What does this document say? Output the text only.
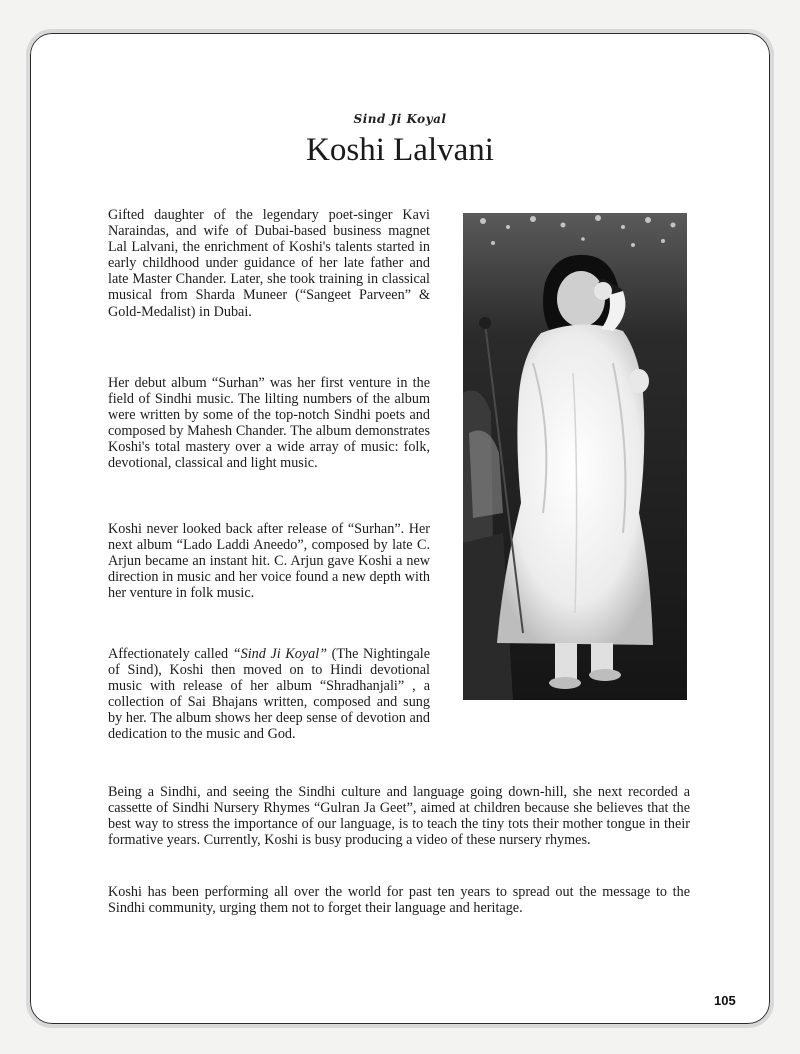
Sind Ji Koyal
Koshi Lalvani

Gifted daughter of the legendary poet-singer Kavi Naraindas, and wife of Dubai-based business magnet Lal Lalvani, the enrichment of Koshi's talents started in early childhood under guidance of her late father and late Master Chander. Later, she took training in classical musical from Sharda Muneer (“Sangeet Parveen” & Gold-Medalist) in Dubai.

Her debut album “Surhan” was her first venture in the field of Sindhi music. The lilting numbers of the album were written by some of the top-notch Sindhi poets and composed by Mahesh Chander. The album demonstrates Koshi's total mastery over a wide array of music: folk, devotional, classical and light music.

Koshi never looked back after release of “Surhan”. Her next album “Lado Laddi Aneedo”, composed by late C. Arjun became an instant hit. C. Arjun gave Koshi a new direction in music and her voice found a new depth with her venture in folk music.

Affectionately called “Sind Ji Koyal” (The Nightingale of Sind), Koshi then moved on to Hindi devotional music with release of her album “Shradhanjali” , a collection of Sai Bhajans written, composed and sung by her. The album shows her deep sense of devotion and dedication to the music and God.

Being a Sindhi, and seeing the Sindhi culture and language going down-hill, she next recorded a cassette of Sindhi Nursery Rhymes “Gulran Ja Geet”, aimed at children because she believes that the best way to stress the importance of our language, is to teach the tiny tots their mother tongue in their formative years. Currently, Koshi is busy producing a video of these nursery rhymes.

Koshi has been performing all over the world for past ten years to spread out the message to the Sindhi community, urging them not to forget their language and heritage.

105
